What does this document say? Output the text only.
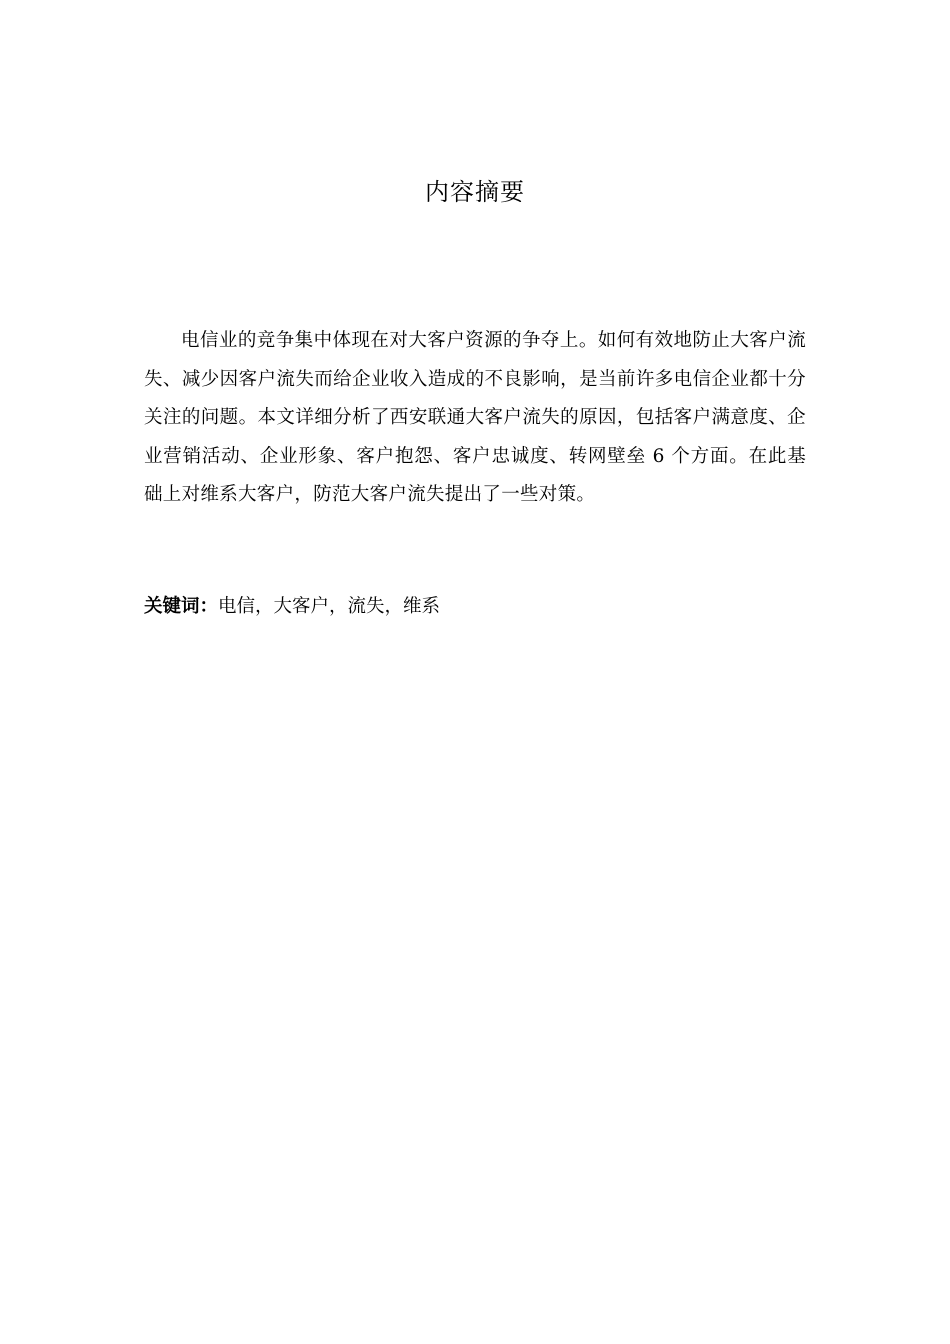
内容摘要

电信业的竞争集中体现在对大客户资源的争夺上。如何有效地防止大客户流失、减少因客户流失而给企业收入造成的不良影响，是当前许多电信企业都十分关注的问题。本文详细分析了西安联通大客户流失的原因，包括客户满意度、企业营销活动、企业形象、客户抱怨、客户忠诚度、转网壁垒 6 个方面。在此基础上对维系大客户，防范大客户流失提出了一些对策。

关键词：电信，大客户，流失，维系
